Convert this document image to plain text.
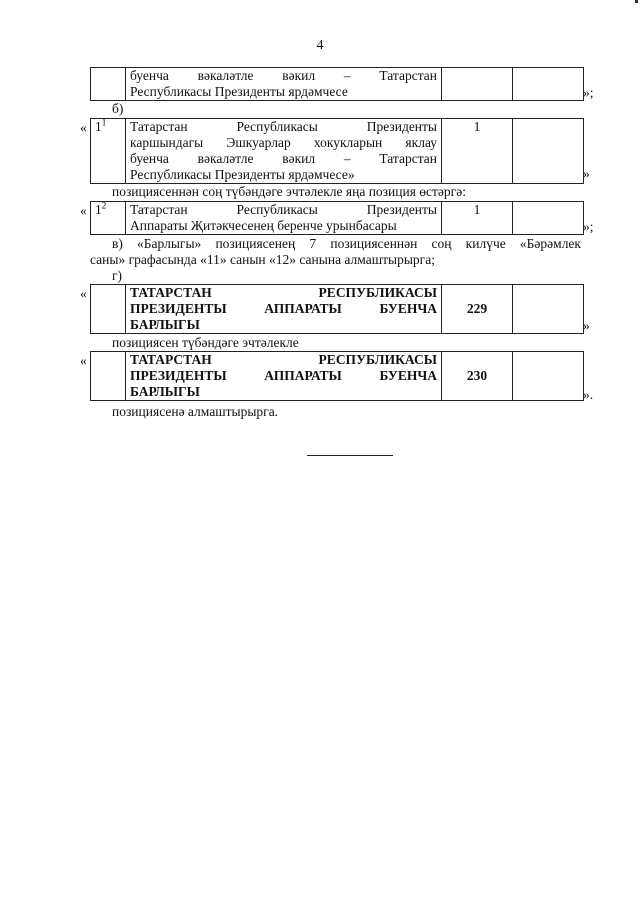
4

буенча вәкаләтле вәкил – Татарстан
Республикасы Президенты ярдәмчесе
			»;
б)
« $1^1$	Татарстан Республикасы Президенты
каршындагы Эшкуарлар хокукларын яклау
буенча вәкаләтле вәкил – Татарстан
Республикасы Президенты ярдәмчесе»
	1	
»
позициясеннән соң түбәндәге эчтәлекле яңа позиция өстәргә:
« $1^2$	Татарстан Республикасы Президенты
Аппараты Җитәкчесенең беренче урынбасары
	1	
»;
в) «Барлыгы» позициясенең 7 позициясеннән соң килүче «Бәрәмлек
саны» графасында «11» санын «12» санына алмаштырырга;
г)
«
		ТАТАРСТАН РЕСПУБЛИКАСЫ
ПРЕЗИДЕНТЫ АППАРАТЫ БУЕНЧА
БАРЛЫГЫ
	229	
»
позициясен түбәндәге эчтәлекле
«
		ТАТАРСТАН РЕСПУБЛИКАСЫ
ПРЕЗИДЕНТЫ АППАРАТЫ БУЕНЧА
БАРЛЫГЫ
	230	
».
позициясенә алмаштырырга.
